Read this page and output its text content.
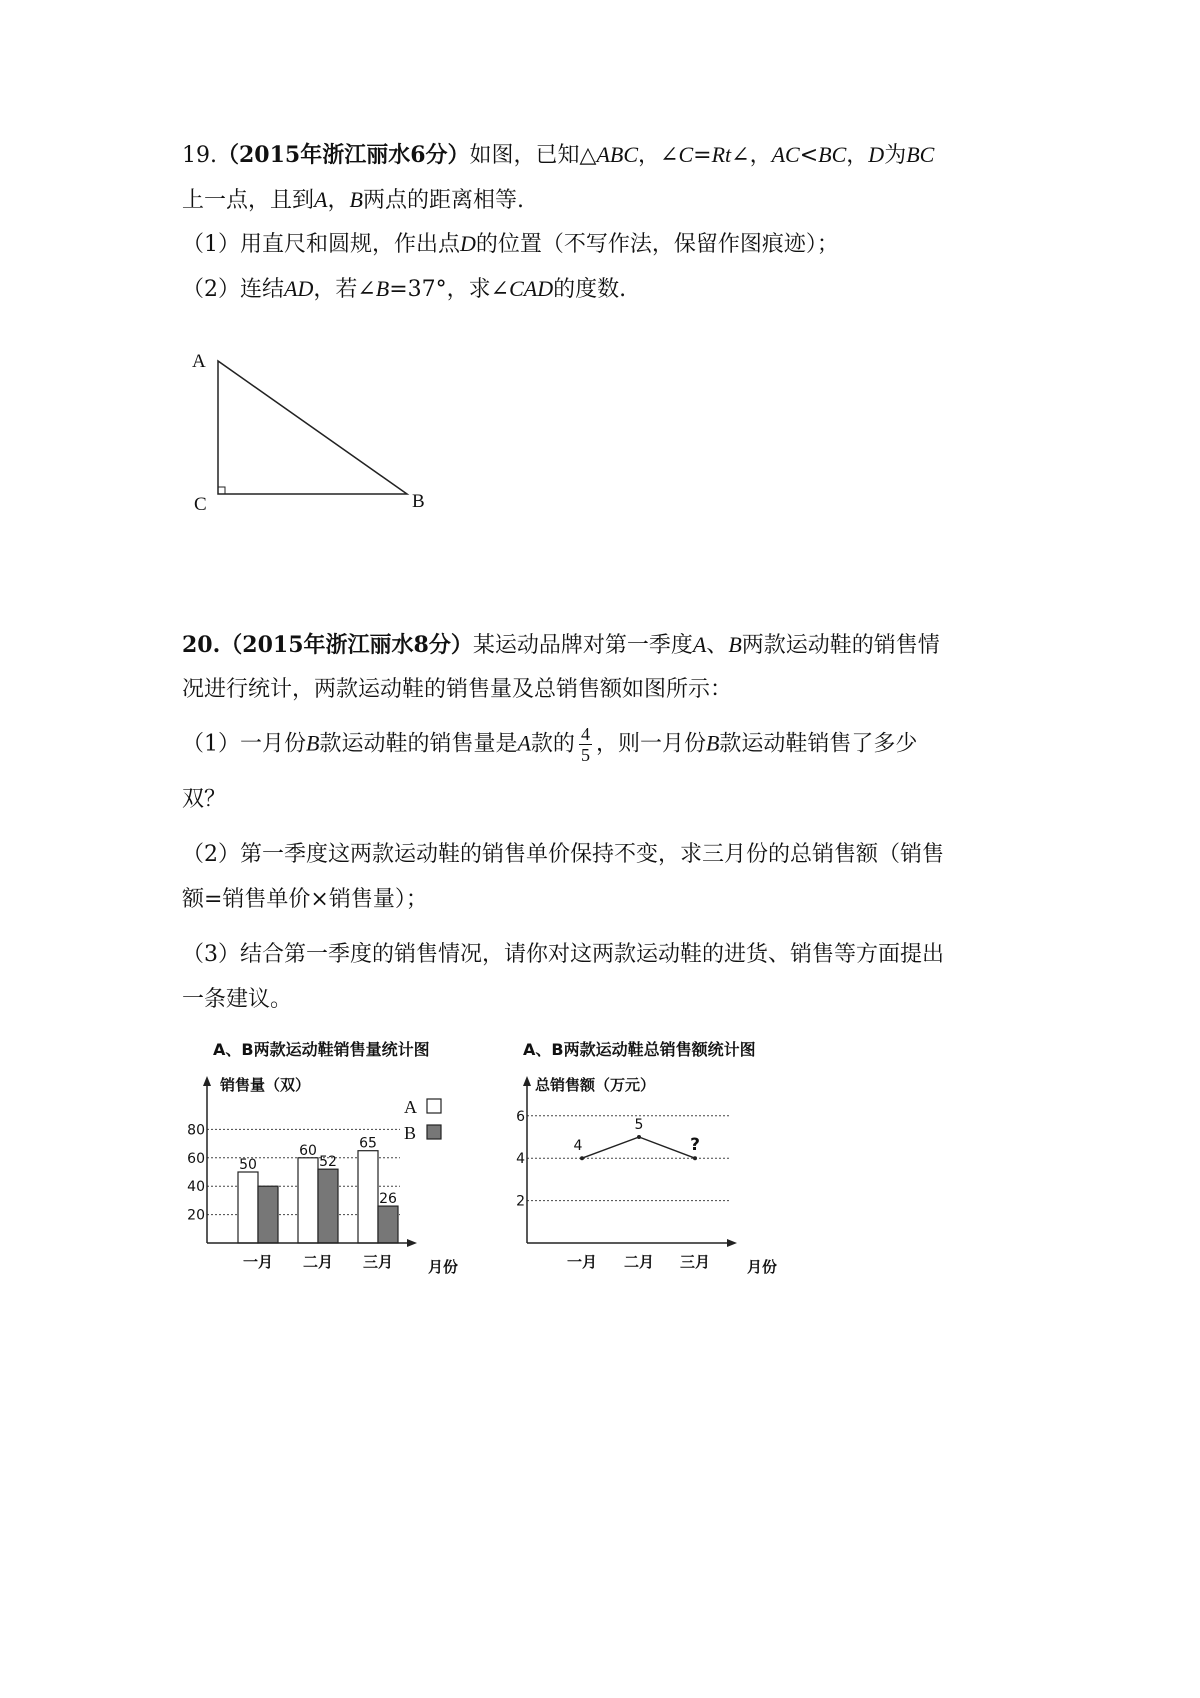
19.（2015年浙江丽水6分）如图，已知△ABC，∠C=Rt∠，AC<BC，D为BC
上一点，且到A，B两点的距离相等.
（1）用直尺和圆规，作出点D的位置（不写作法，保留作图痕迹）；
（2）连结AD，若∠B=37°，求∠CAD的度数.
A
C	B
20.（2015年浙江丽水8分）某运动品牌对第一季度A、B两款运动鞋的销售情
况进行统计，两款运动鞋的销售量及总销售额如图所示：
（1）一月份B款运动鞋的销售量是A款的 $\frac{4}{5}$ ，则一月份B款运动鞋销售了多少
双？
（2）第一季度这两款运动鞋的销售单价保持不变，求三月份的总销售额（销售
额=销售单价×销售量）；
（3）结合第一季度的销售情况，请你对这两款运动鞋的进货、销售等方面提出
一条建议。
A、B两款运动鞋销售量统计图
销售量（双）
月份
50
60
52
65
26
20
40
60
80
一月 二月 三月
A
B
A、B两款运动鞋总销售额统计图
总销售额（万元）
月份
4
5
?
2
4
6
一月 二月 三月
